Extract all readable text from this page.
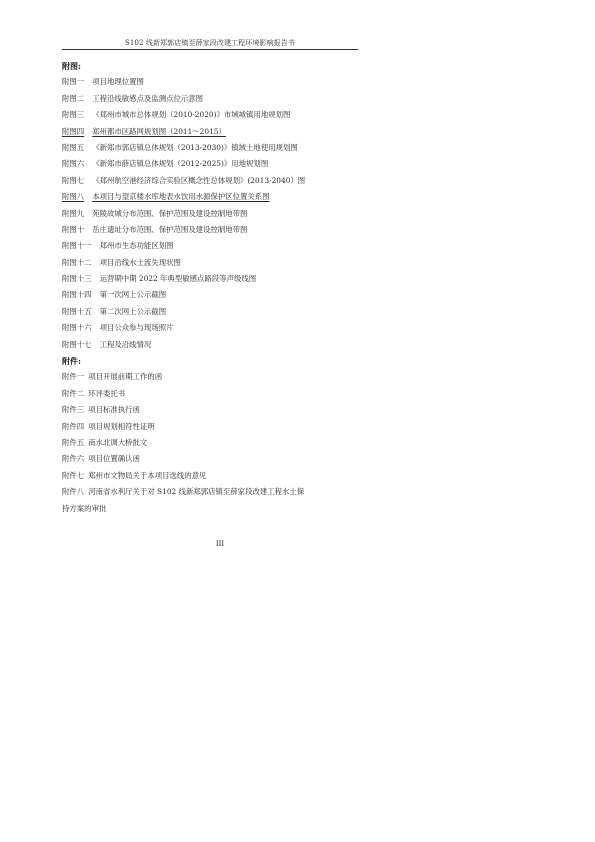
S102 线新郑郭店镇至薛家段改建工程环境影响报告书
附图:
附图一 项目地理位置图
附图二 工程沿线敏感点及监测点位示意图
附图三 《郑州市城市总体规划（2010-2020)》市域城镇用地规划图
附图四 郑州都市区路网规划图（2011～2015）
附图五 《新郑市郭店镇总体规划（2013-2030)》镇域土地使用规划图
附图六 《新郑市薛店镇总体规划（2012-2025)》用地规划图
附图七 《郑州航空港经济综合实验区概念性总体规划》(2013-2040）图
附图八 本项目与望京楼水库地表水饮用水源保护区位置关系图
附图九 苑陵故城分布范围、保护范围及建设控制地带图
附图十 岳庄遗址分布范围、保护范围及建设控制地带图
附图十一 郑州市生态功能区划图
附图十二 项目沿线水土流失现状图
附图十三 运营期中期 2022 年典型敏感点路段等声级线图
附图十四 第一次网上公示截图
附图十五 第二次网上公示截图
附图十六 项目公众参与现场照片
附图十七 工程及沿线情况
附件:
附件一 项目开展前期工作的函
附件二 环评委托书
附件三 项目标准执行函
附件四 项目规划相符性证明
附件五 南水北调大桥批文
附件六 项目位置确认函
附件七 郑州市文物局关于本项目选线的意见
附件八 河南省水利厅关于对 S102 线新郑郭店镇至薛家段改建工程水土保持方案的审批
III
